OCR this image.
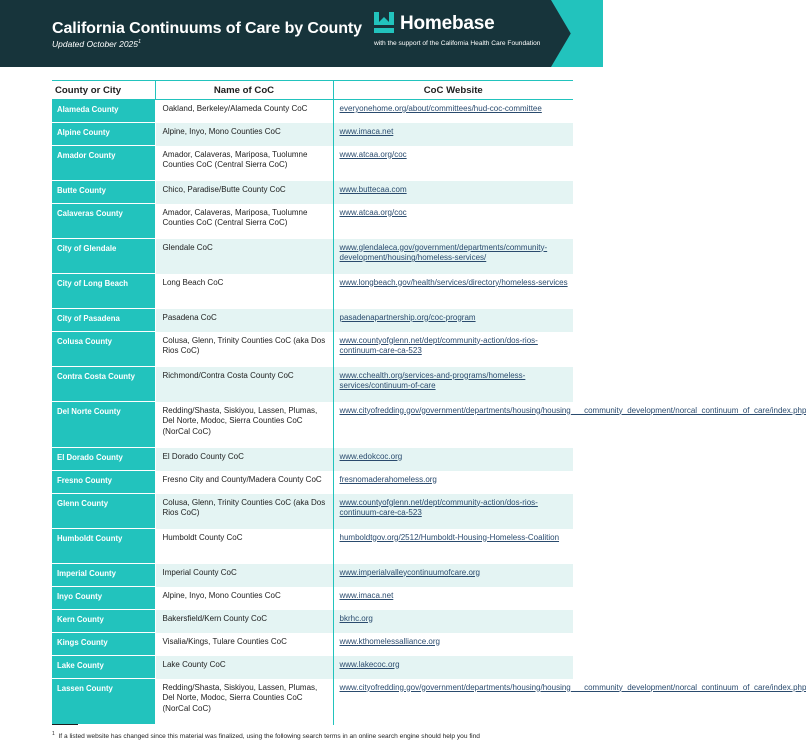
California Continuums of Care by County
Updated October 2025$^1$
Homebase
with the support of the California Health Care Foundation
County or City	Name of CoC	CoC Website
Alameda County	Oakland, Berkeley/Alameda County CoC	everyonehome.org/about/committees/hud-coc-committee
Alpine County	Alpine, Inyo, Mono Counties CoC	www.imaca.net
Amador County	Amador, Calaveras, Mariposa, Tuolumne Counties CoC (Central Sierra CoC)	www.atcaa.org/coc
Butte County	Chico, Paradise/Butte County CoC	www.buttecaa.com
Calaveras County	Amador, Calaveras, Mariposa, Tuolumne Counties CoC (Central Sierra CoC)	www.atcaa.org/coc
City of Glendale	Glendale CoC	www.glendaleca.gov/government/departments/community-development/housing/homeless-services/
City of Long Beach	Long Beach CoC	www.longbeach.gov/health/services/directory/homeless-services
City of Pasadena	Pasadena CoC	pasadenapartnership.org/coc-program
Colusa County	Colusa, Glenn, Trinity Counties CoC (aka Dos Rios CoC)	www.countyofglenn.net/dept/community-action/dos-rios-continuum-care-ca-523
Contra Costa County	Richmond/Contra Costa County CoC	www.cchealth.org/services-and-programs/homeless-services/continuum-of-care
Del Norte County	Redding/Shasta, Siskiyou, Lassen, Plumas, Del Norte, Modoc, Sierra Counties CoC (NorCal CoC)	www.cityofredding.gov/government/departments/housing/housing___community_development/norcal_continuum_of_care/index.php
El Dorado County	El Dorado County CoC	www.edokcoc.org
Fresno County	Fresno City and County/Madera County CoC	fresnomaderahomeless.org
Glenn County	Colusa, Glenn, Trinity Counties CoC (aka Dos Rios CoC)	www.countyofglenn.net/dept/community-action/dos-rios-continuum-care-ca-523
Humboldt County	Humboldt County CoC	humboldtgov.org/2512/Humboldt-Housing-Homeless-Coalition
Imperial County	Imperial County CoC	www.imperialvalleycontinuumofcare.org
Inyo County	Alpine, Inyo, Mono Counties CoC	www.imaca.net
Kern County	Bakersfield/Kern County CoC	bkrhc.org
Kings County	Visalia/Kings, Tulare Counties CoC	www.kthomelessalliance.org
Lake County	Lake County CoC	www.lakecoc.org
Lassen County	Redding/Shasta, Siskiyou, Lassen, Plumas, Del Norte, Modoc, Sierra Counties CoC (NorCal CoC)	www.cityofredding.gov/government/departments/housing/housing___community_development/norcal_continuum_of_care/index.php
$^1$ If a listed website has changed since this material was finalized, using the following search terms in an online search engine should help you find
